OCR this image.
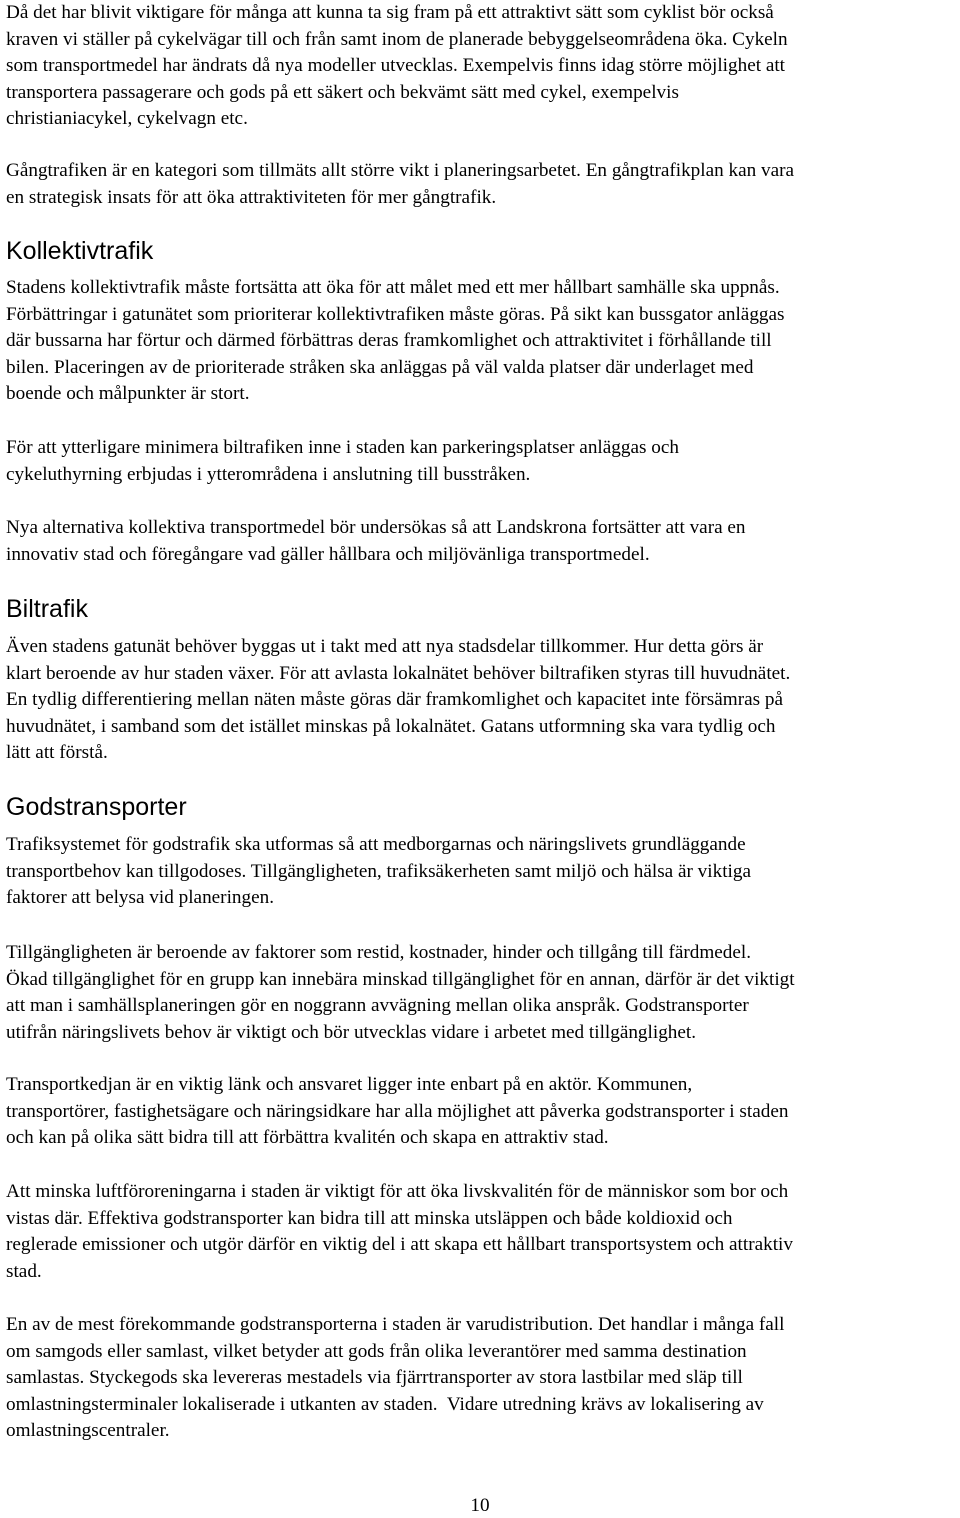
Då det har blivit viktigare för många att kunna ta sig fram på ett attraktivt sätt som cyklist bör också
kraven vi ställer på cykelvägar till och från samt inom de planerade bebyggelseområdena öka. Cykeln
som transportmedel har ändrats då nya modeller utvecklas. Exempelvis finns idag större möjlighet att
transportera passagerare och gods på ett säkert och bekvämt sätt med cykel, exempelvis
christianiacykel, cykelvagn etc.

Gångtrafiken är en kategori som tillmäts allt större vikt i planeringsarbetet. En gångtrafikplan kan vara
en strategisk insats för att öka attraktiviteten för mer gångtrafik.

Kollektivtrafik

Stadens kollektivtrafik måste fortsätta att öka för att målet med ett mer hållbart samhälle ska uppnås.
Förbättringar i gatunätet som prioriterar kollektivtrafiken måste göras. På sikt kan bussgator anläggas
där bussarna har förtur och därmed förbättras deras framkomlighet och attraktivitet i förhållande till
bilen. Placeringen av de prioriterade stråken ska anläggas på väl valda platser där underlaget med
boende och målpunkter är stort.

För att ytterligare minimera biltrafiken inne i staden kan parkeringsplatser anläggas och
cykeluthyrning erbjudas i ytterområdena i anslutning till busstråken.

Nya alternativa kollektiva transportmedel bör undersökas så att Landskrona fortsätter att vara en
innovativ stad och föregångare vad gäller hållbara och miljövänliga transportmedel.

Biltrafik

Även stadens gatunät behöver byggas ut i takt med att nya stadsdelar tillkommer. Hur detta görs är
klart beroende av hur staden växer. För att avlasta lokalnätet behöver biltrafiken styras till huvudnätet.
En tydlig differentiering mellan näten måste göras där framkomlighet och kapacitet inte försämras på
huvudnätet, i samband som det istället minskas på lokalnätet. Gatans utformning ska vara tydlig och
lätt att förstå.

Godstransporter

Trafiksystemet för godstrafik ska utformas så att medborgarnas och näringslivets grundläggande
transportbehov kan tillgodoses. Tillgängligheten, trafiksäkerheten samt miljö och hälsa är viktiga
faktorer att belysa vid planeringen.

Tillgängligheten är beroende av faktorer som restid, kostnader, hinder och tillgång till färdmedel.
Ökad tillgänglighet för en grupp kan innebära minskad tillgänglighet för en annan, därför är det viktigt
att man i samhällsplaneringen gör en noggrann avvägning mellan olika anspråk. Godstransporter
utifrån näringslivets behov är viktigt och bör utvecklas vidare i arbetet med tillgänglighet.

Transportkedjan är en viktig länk och ansvaret ligger inte enbart på en aktör. Kommunen,
transportörer, fastighetsägare och näringsidkare har alla möjlighet att påverka godstransporter i staden
och kan på olika sätt bidra till att förbättra kvalitén och skapa en attraktiv stad.

Att minska luftföroreningarna i staden är viktigt för att öka livskvalitén för de människor som bor och
vistas där. Effektiva godstransporter kan bidra till att minska utsläppen och både koldioxid och
reglerade emissioner och utgör därför en viktig del i att skapa ett hållbart transportsystem och attraktiv
stad.

En av de mest förekommande godstransporterna i staden är varudistribution. Det handlar i många fall
om samgods eller samlast, vilket betyder att gods från olika leverantörer med samma destination
samlastas. Styckegods ska levereras mestadels via fjärrtransporter av stora lastbilar med släp till
omlastningsterminaler lokaliserade i utkanten av staden.  Vidare utredning krävs av lokalisering av
omlastningscentraler.

10
